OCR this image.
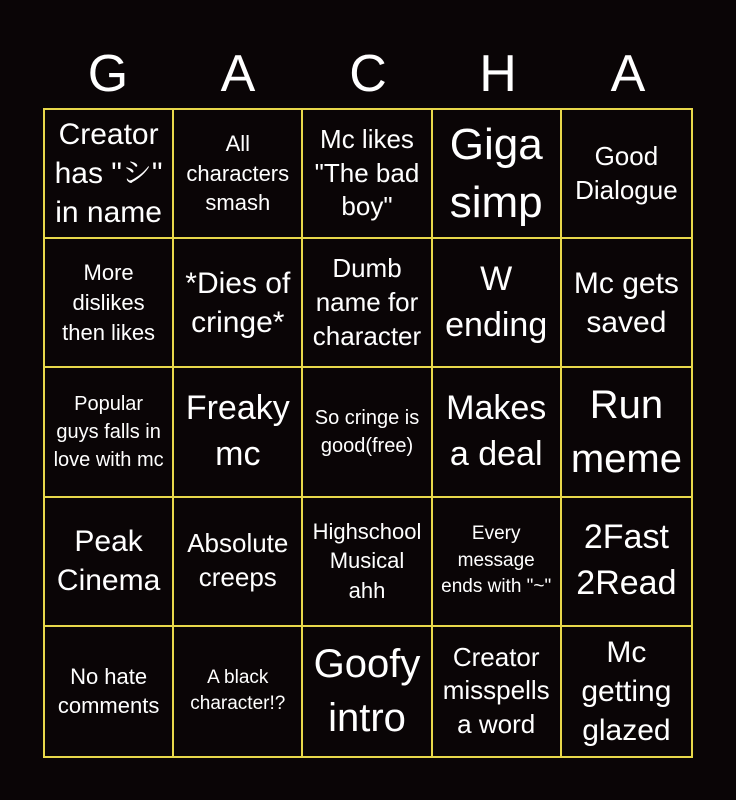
G	A	C	H	A
Creator has "シ" in name
All characters smash
Mc likes "The bad boy"
Giga simp
Good Dialogue
More dislikes then likes
*Dies of cringe*
Dumb name for character
W ending
Mc gets saved
Popular guys falls in love with mc
Freaky mc
So cringe is good(free)
Makes a deal
Run meme
Peak Cinema
Absolute creeps
Highschool Musical ahh
Every message ends with "~"
2Fast 2Read
No hate comments
A black character!?
Goofy intro
Creator misspells a word
Mc getting glazed
